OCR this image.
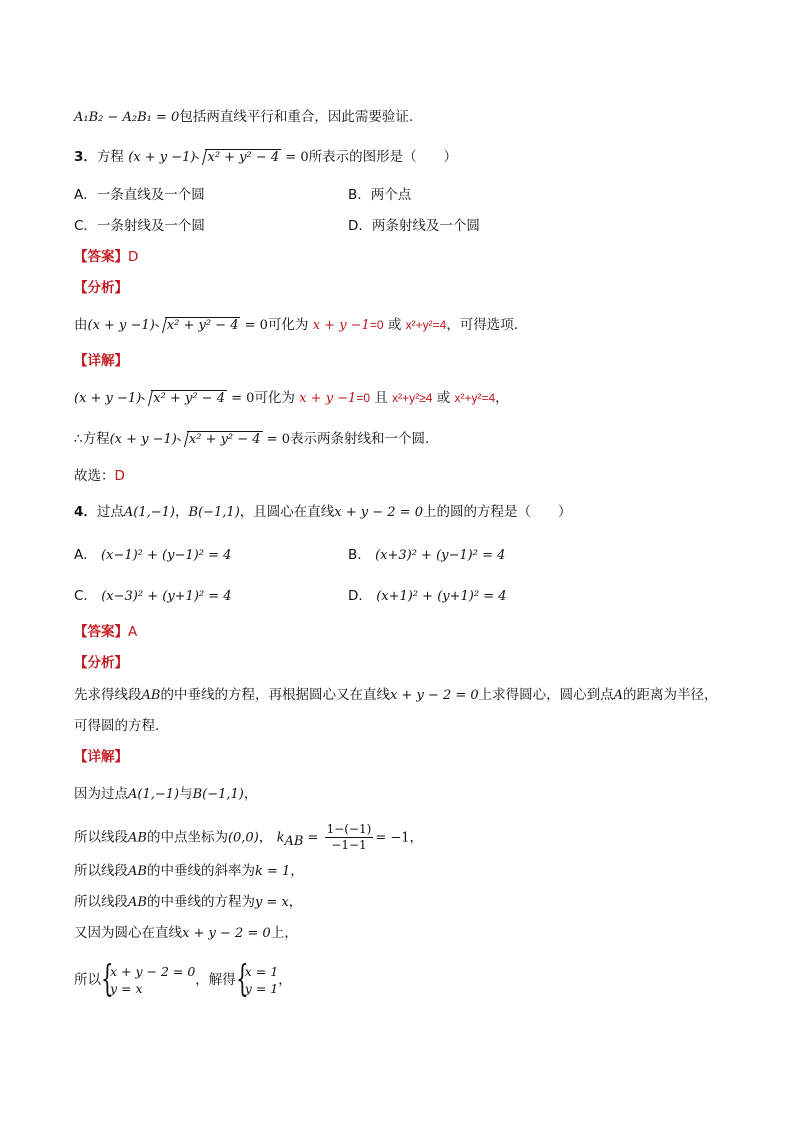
A₁B₂ − A₂B₁ = 0包括两直线平行和重合，因此需要验证.
3．方程 (x + y −1) x² + y² − 4 = 0所表示的图形是（　　）
A．一条直线及一个圆	B．两个点
C．一条射线及一个圆	D．两条射线及一个圆
【答案】D
【分析】
由(x + y −1) x² + y² − 4 = 0可化为 x + y −1=0 或 x²+y²=4，可得选项.
【详解】
(x + y −1) x² + y² − 4 = 0可化为 x + y −1=0 且 x²+y²≥4 或 x²+y²=4，
∴方程(x + y −1) x² + y² − 4 = 0表示两条射线和一个圆.
故选：D
4．过点A(1,−1)，B(−1,1)，且圆心在直线x + y − 2 = 0上的圆的方程是（　　）
A． (x−1)² + (y−1)² = 4	B． (x+3)² + (y−1)² = 4
C． (x−3)² + (y+1)² = 4	D． (x+1)² + (y+1)² = 4
【答案】A
【分析】
先求得线段AB的中垂线的方程，再根据圆心又在直线x + y − 2 = 0上求得圆心，圆心到点A的距离为半径，
可得圆的方程.
【详解】
因为过点A(1,−1)与B(−1,1)，
所以线段AB的中点坐标为(0,0)， $k_{AB} = \frac{1-(-1)}{-1-1} = -1$，
所以线段AB的中垂线的斜率为k = 1，
所以线段AB的中垂线的方程为y = x，
又因为圆心在直线x + y − 2 = 0上，
所以 {
x + y − 2 = 0
y = x
，解得 {
x = 1
y = 1
，
